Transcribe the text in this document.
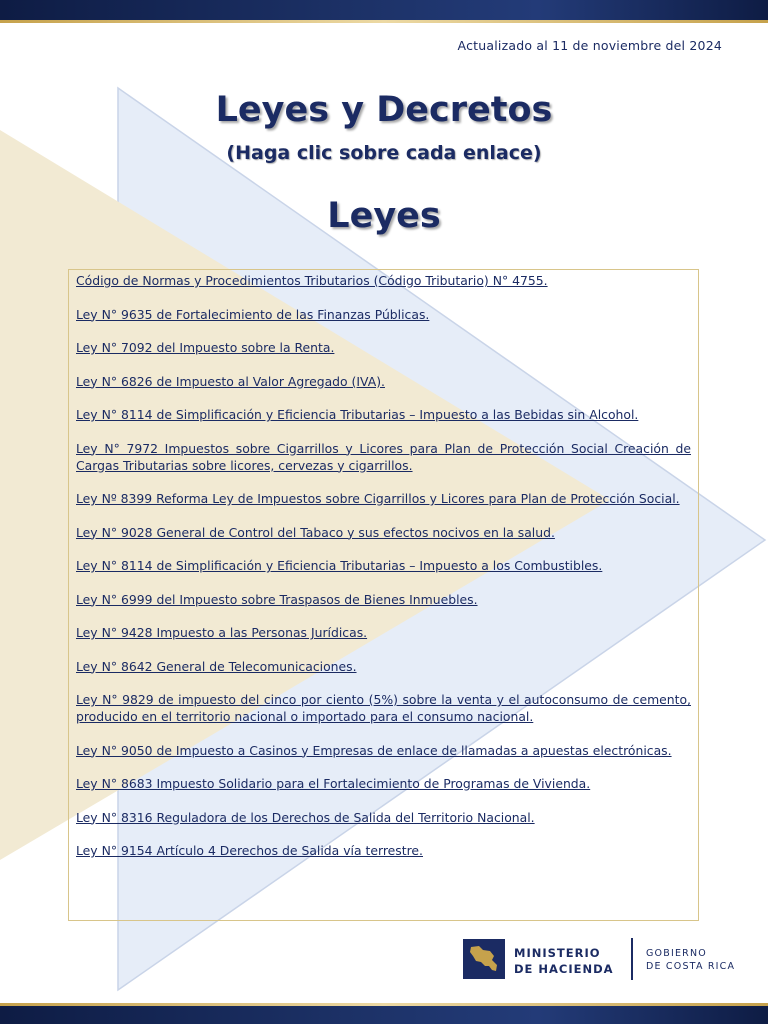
Actualizado al 11 de noviembre del 2024
Leyes y Decretos
(Haga clic sobre cada enlace)
Leyes
Código de Normas y Procedimientos Tributarios (Código Tributario) N° 4755.
Ley N° 9635 de Fortalecimiento de las Finanzas Públicas.
Ley N° 7092 del Impuesto sobre la Renta.
Ley N° 6826 de Impuesto al Valor Agregado (IVA).
Ley N° 8114 de Simplificación y Eficiencia Tributarias – Impuesto a las Bebidas sin Alcohol.
Ley N° 7972 Impuestos sobre Cigarrillos y Licores para Plan de Protección Social Creación de Cargas Tributarias sobre licores, cervezas y cigarrillos.
Ley Nº 8399 Reforma Ley de Impuestos sobre Cigarrillos y Licores para Plan de Protección Social.
Ley N° 9028 General de Control del Tabaco y sus efectos nocivos en la salud.
Ley N° 8114 de Simplificación y Eficiencia Tributarias – Impuesto a los Combustibles.
Ley N° 6999 del Impuesto sobre Traspasos de Bienes Inmuebles.
Ley N° 9428 Impuesto a las Personas Jurídicas.
Ley N° 8642 General de Telecomunicaciones.
Ley N° 9829 de impuesto del cinco por ciento (5%) sobre la venta y el autoconsumo de cemento, producido en el territorio nacional o importado para el consumo nacional.
Ley N° 9050 de Impuesto a Casinos y Empresas de enlace de llamadas a apuestas electrónicas.
Ley N° 8683 Impuesto Solidario para el Fortalecimiento de Programas de Vivienda.
Ley N° 8316 Reguladora de los Derechos de Salida del Territorio Nacional.
Ley N° 9154 Artículo 4 Derechos de Salida vía terrestre.
MINISTERIO
DE HACIENDA
GOBIERNO
DE COSTA RICA
